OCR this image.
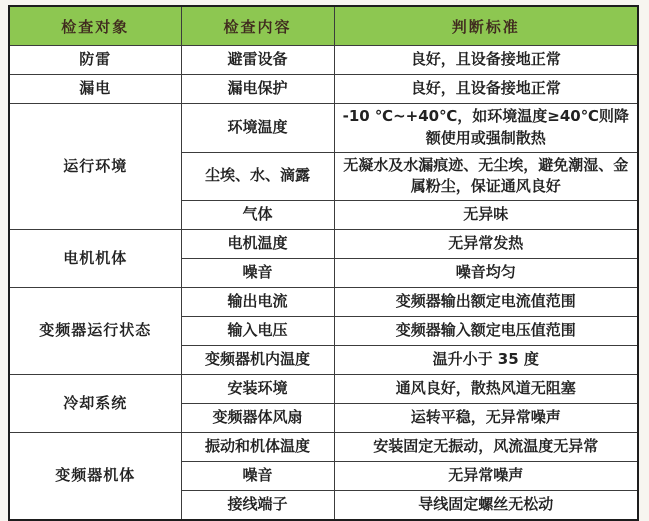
检查对象	检查内容	判断标准
防雷	避雷设备	良好，且设备接地正常
漏电	漏电保护	良好，且设备接地正常
运行环境	环境温度	-10 ℃~+40℃，如环境温度≥40℃则降额使用或强制散热
	尘埃、水、滴露	无凝水及水漏痕迹、无尘埃，避免潮湿、金属粉尘，保证通风良好
	气体	无异味
电机机体	电机温度	无异常发热
	噪音	噪音均匀
变频器运行状态	输出电流	变频器输出额定电流值范围
	输入电压	变频器输入额定电压值范围
	变频器机内温度	温升小于 35 度
冷却系统	安装环境	通风良好，散热风道无阻塞
	变频器体风扇	运转平稳，无异常噪声
变频器机体	振动和机体温度	安装固定无振动，风流温度无异常
	噪音	无异常噪声
	接线端子	导线固定螺丝无松动
